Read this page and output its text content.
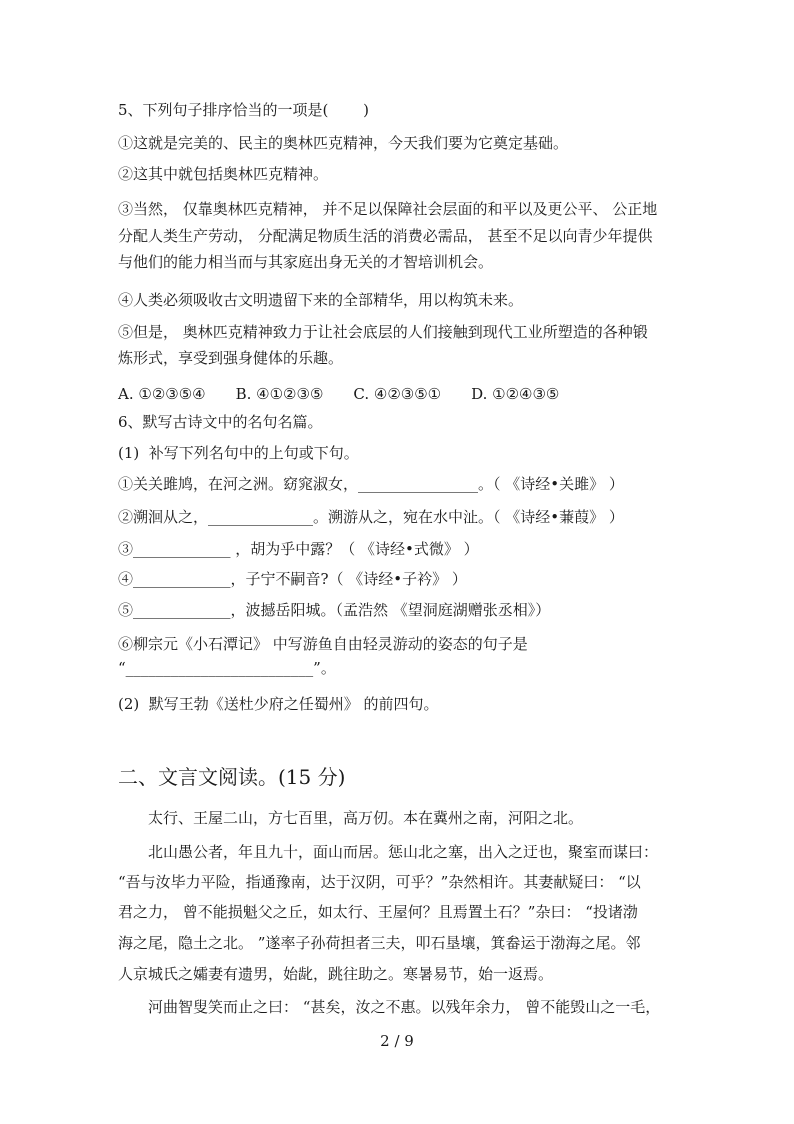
5、下列句子排序恰当的一项是(　　 )
①这就是完美的、民主的奥林匹克精神，今天我们要为它奠定基础。
②这其中就包括奥林匹克精神。
③当然， 仅靠奥林匹克精神， 并不足以保障社会层面的和平以及更公平、 公正地
分配人类生产劳动， 分配满足物质生活的消费必需品， 甚至不足以向青少年提供
与他们的能力相当而与其家庭出身无关的才智培训机会。
④人类必须吸收古文明遗留下来的全部精华，用以构筑未来。
⑤但是， 奥林匹克精神致力于让社会底层的人们接触到现代工业所塑造的各种锻
炼形式，享受到强身健体的乐趣。
A. ①②③⑤④　　B. ④①②③⑤　　C. ④②③⑤①　　D. ①②④③⑤
6、默写古诗文中的名句名篇。
(1)  补写下列名句中的上句或下句。
①关关雎鸠，在河之洲。窈窕淑女，________________。（ 《诗经•关雎》 ）
②溯洄从之，______________。溯游从之，宛在水中沚。（ 《诗经•蒹葭》 ）
③_____________ ，胡为乎中露？（ 《诗经•式微》 ）
④_____________，子宁不嗣音?（ 《诗经•子衿》 ）
⑤_____________，波撼岳阳城。（孟浩然 《望洞庭湖赠张丞相》）
⑥柳宗元《小石潭记》 中写游鱼自由轻灵游动的姿态的句子是
“_________________________”。
(2)  默写王勃《送杜少府之任蜀州》 的前四句。
二、文言文阅读。(15 分)
　　太行、王屋二山，方七百里，高万仞。本在冀州之南，河阳之北。
　　北山愚公者，年且九十，面山而居。惩山北之塞，出入之迂也，聚室而谋曰：
“吾与汝毕力平险，指通豫南，达于汉阴，可乎？”杂然相许。其妻献疑曰： “以
君之力， 曾不能损魁父之丘，如太行、王屋何？且焉置土石？”杂曰： “投诸渤
海之尾，隐土之北。 ”遂率子孙荷担者三夫，叩石垦壤，箕畚运于渤海之尾。邻
人京城氏之孀妻有遗男，始龀，跳往助之。寒暑易节，始一返焉。
　　河曲智叟笑而止之曰： “甚矣，汝之不惠。以残年余力， 曾不能毁山之一毛，
2 / 9
